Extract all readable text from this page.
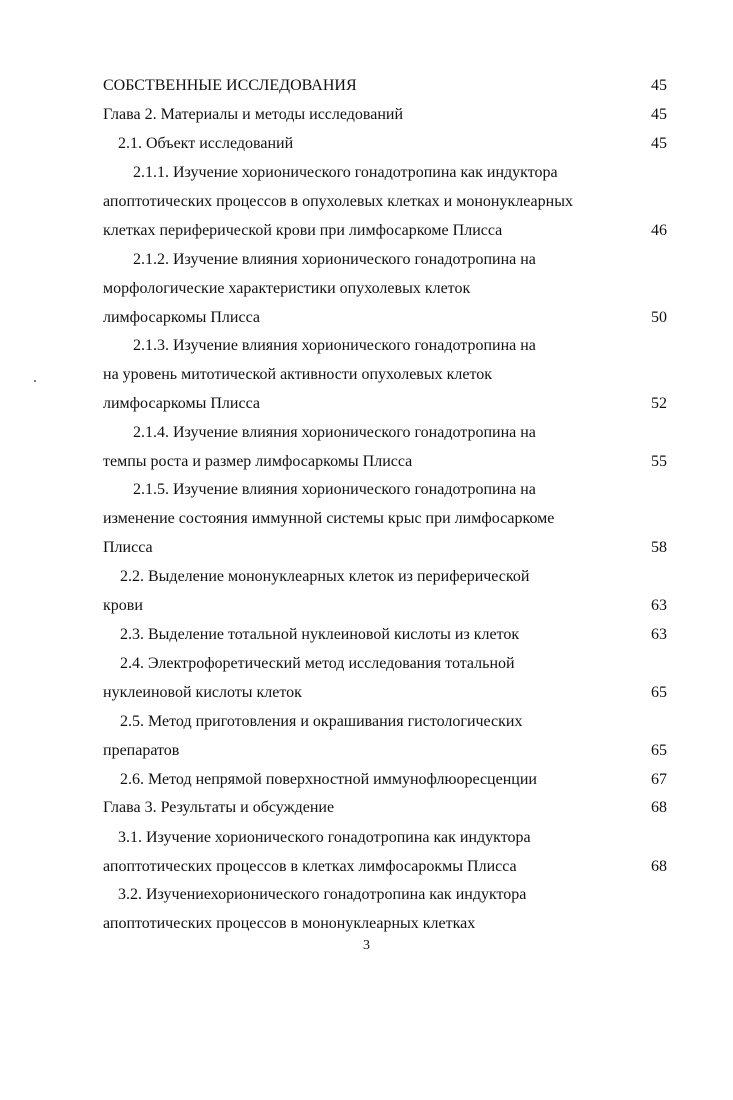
СОБСТВЕННЫЕ ИССЛЕДОВАНИЯ	45
Глава 2. Материалы и методы исследований	45
2.1. Объект исследований	45
2.1.1. Изучение хорионического гонадотропина как индуктора
апоптотических процессов в опухолевых клетках и мононуклеарных
клетках периферической крови при лимфосаркоме Плисса	46
2.1.2. Изучение влияния хорионического гонадотропина на
морфологические характеристики опухолевых клеток
лимфосаркомы Плисса	50
2.1.3. Изучение влияния хорионического гонадотропина на
на уровень митотической активности опухолевых клеток
лимфосаркомы Плисса	52
2.1.4. Изучение влияния хорионического гонадотропина на
темпы роста и размер лимфосаркомы Плисса	55
2.1.5. Изучение влияния хорионического гонадотропина на
изменение состояния иммунной системы крыс при лимфосаркоме
Плисса	58
2.2. Выделение мононуклеарных клеток из периферической
крови	63
2.3. Выделение тотальной нуклеиновой кислоты из клеток	63
2.4. Электрофоретический метод исследования тотальной
нуклеиновой кислоты клеток	65
2.5. Метод приготовления и окрашивания гистологических
препаратов	65
2.6. Метод непрямой поверхностной иммунофлюоресценции	67
Глава 3. Результаты и обсуждение	68
3.1. Изучение хорионического гонадотропина как индуктора
апоптотических процессов в клетках лимфосарокмы Плисса	68
3.2. Изучениехорионического гонадотропина как индуктора
апоптотических процессов в мононуклеарных клетках
3
